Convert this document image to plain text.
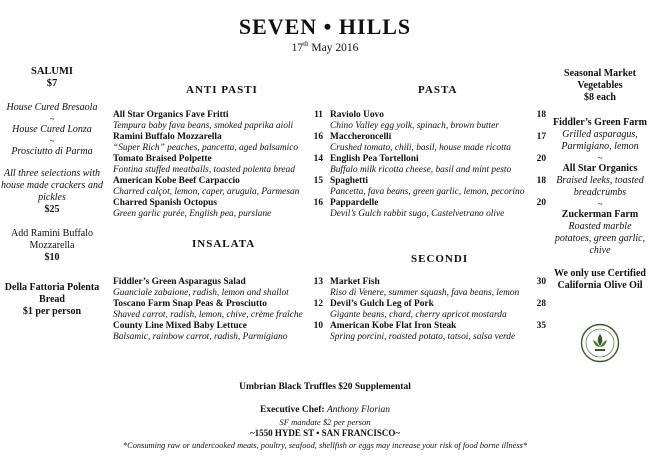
SEVEN • HILLS
17th May 2016
SALUMI
$7
House Cured Bresaola
~
House Cured Lonza
~
Prosciutto di Parma
All three selections with house made crackers and pickles
$25
Add Ramini Buffalo Mozzarella
$10
Della Fattoria Polenta Bread
$1 per person
ANTI PASTI	PASTA
INSALATA
SECONDI
All Star Organics Fave Fritti	11
Tempura baby fava beans, smoked paprika aioli
Ramini Buffalo Mozzarella	16
“Super Rich” peaches, pancetta, aged balsamico
Tomato Braised Polpette	14
Fontina stuffed meatballs, toasted polenta bread
American Kobe Beef Carpaccio	15
Charred calçot, lemon, caper, arugula, Parmesan
Charred Spanish Octopus	16
Green garlic purée, English pea, purslane
Raviolo Uovo	18
Chino Valley egg yolk, spinach, brown butter
Maccheroncelli	17
Crushed tomato, chili, basil, house made ricotta
English Pea Tortelloni	20
Buffalo milk ricotta cheese, basil and mint pesto
Spaghetti	18
Pancetta, fava beans, green garlic, lemon, pecorino
Pappardelle	20
Devil’s Gulch rabbit sugo, Castelvetrano olive
Fiddler’s Green Asparagus Salad	13
Guanciale zabaione, radish, lemon and shallot
Toscano Farm Snap Peas & Prosciutto	12
Shaved carrot, radish, lemon, chive, crème fraîche
County Line Mixed Baby Lettuce	10
Balsamic, rainbow carrot, radish, Parmigiano
Market Fish	30
Riso di Venere, summer squash, fava beans, lemon
Devil’s Gulch Leg of Pork	28
Gigante beans, chard, cherry apricot mostarda
American Kobe Flat Iron Steak	35
Spring porcini, roasted potato, tatsoi, salsa verde
Seasonal Market Vegetables
$8 each
Fiddler’s Green Farm
Grilled asparagus, Parmigiano, lemon
~
All Star Organics
Braised leeks, toasted breadcrumbs
~
Zuckerman Farm
Roasted marble potatoes, green garlic, chive
We only use Certified California Olive Oil
Umbrian Black Truffles $20 Supplemental
Executive Chef: Anthony Florian
SF mandate $2 per person
~1550 HYDE ST • SAN FRANCISCO~
*Consuming raw or undercooked meats, poultry, seafood, shellfish or eggs may increase your risk of food borne illness*
